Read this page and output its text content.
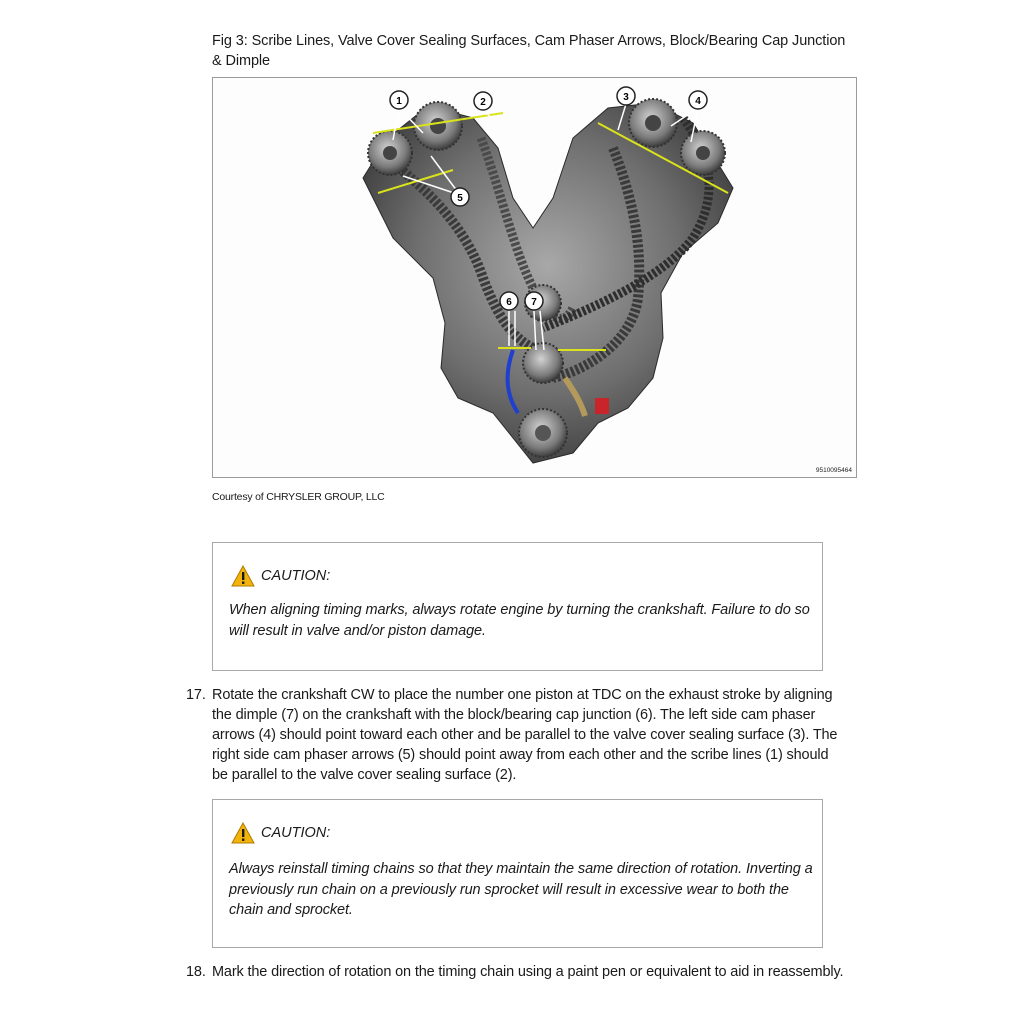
Fig 3: Scribe Lines, Valve Cover Sealing Surfaces, Cam Phaser Arrows, Block/Bearing Cap Junction & Dimple
1	2	3	4
5
6 7
9510095464
Courtesy of CHRYSLER GROUP, LLC
CAUTION:
When aligning timing marks, always rotate engine by turning the crankshaft. Failure to do so will result in valve and/or piston damage.
17. Rotate the crankshaft CW to place the number one piston at TDC on the exhaust stroke by aligning the dimple (7) on the crankshaft with the block/bearing cap junction (6). The left side cam phaser arrows (4) should point toward each other and be parallel to the valve cover sealing surface (3). The right side cam phaser arrows (5) should point away from each other and the scribe lines (1) should be parallel to the valve cover sealing surface (2).
CAUTION:
Always reinstall timing chains so that they maintain the same direction of rotation. Inverting a previously run chain on a previously run sprocket will result in excessive wear to both the chain and sprocket.
18. Mark the direction of rotation on the timing chain using a paint pen or equivalent to aid in reassembly.
